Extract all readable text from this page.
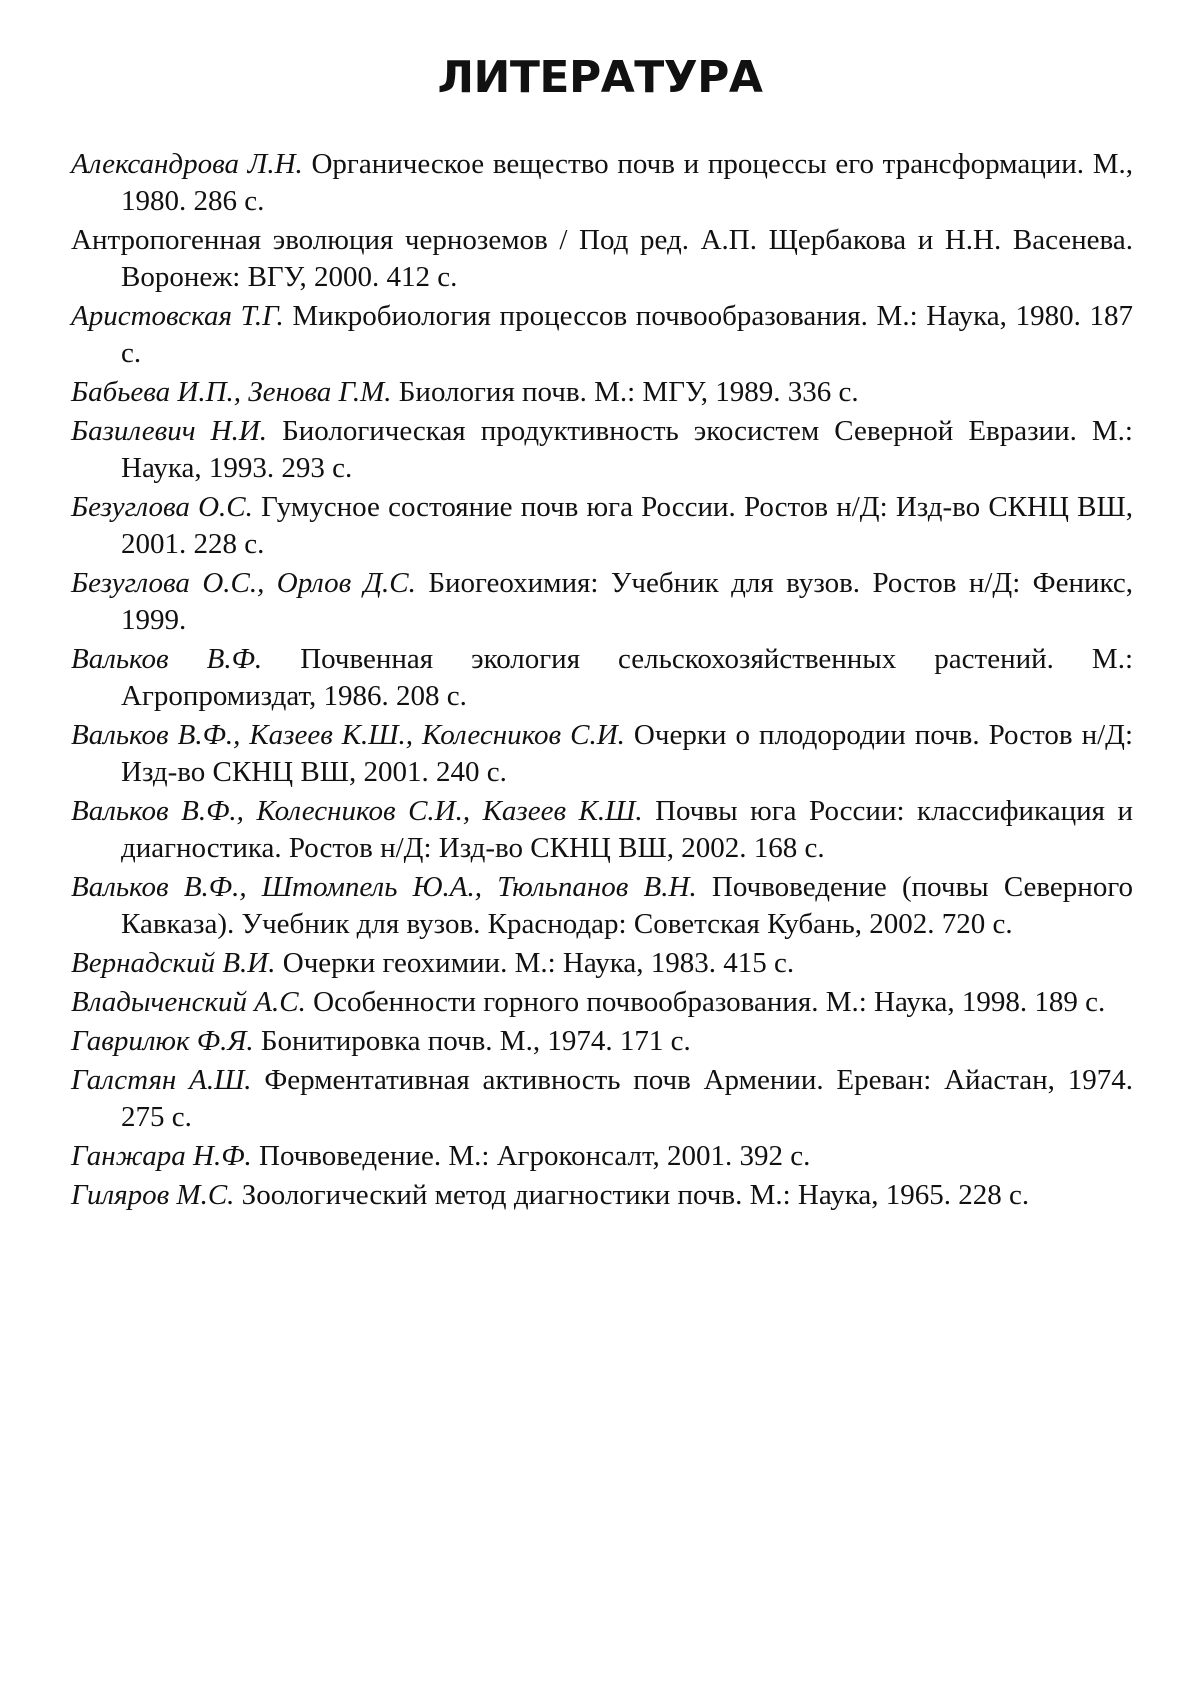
ЛИТЕРАТУРА
Александрова Л.Н. Органическое вещество почв и процессы его трансформации. М., 1980. 286 с.
Антропогенная эволюция черноземов / Под ред. А.П. Щербакова и Н.Н. Васенева. Воронеж: ВГУ, 2000. 412 с.
Аристовская Т.Г. Микробиология процессов почвообразования. М.: Наука, 1980. 187 с.
Бабьева И.П., Зенова Г.М. Биология почв. М.: МГУ, 1989. 336 с.
Базилевич Н.И. Биологическая продуктивность экосистем Северной Евразии. М.: Наука, 1993. 293 с.
Безуглова О.С. Гумусное состояние почв юга России. Ростов н/Д: Изд-во СКНЦ ВШ, 2001. 228 с.
Безуглова О.С., Орлов Д.С. Биогеохимия: Учебник для вузов. Ростов н/Д: Феникс, 1999.
Вальков В.Ф. Почвенная экология сельскохозяйственных растений. М.: Агропромиздат, 1986. 208 с.
Вальков В.Ф., Казеев К.Ш., Колесников С.И. Очерки о плодородии почв. Ростов н/Д: Изд-во СКНЦ ВШ, 2001. 240 с.
Вальков В.Ф., Колесников С.И., Казеев К.Ш. Почвы юга России: классификация и диагностика. Ростов н/Д: Изд-во СКНЦ ВШ, 2002. 168 с.
Вальков В.Ф., Штомпель Ю.А., Тюльпанов В.Н. Почвоведение (почвы Северного Кавказа). Учебник для вузов. Краснодар: Советская Кубань, 2002. 720 с.
Вернадский В.И. Очерки геохимии. М.: Наука, 1983. 415 с.
Владыченский А.С. Особенности горного почвообразования. М.: Наука, 1998. 189 с.
Гаврилюк Ф.Я. Бонитировка почв. М., 1974. 171 с.
Галстян А.Ш. Ферментативная активность почв Армении. Ереван: Айастан, 1974. 275 с.
Ганжара Н.Ф. Почвоведение. М.: Агроконсалт, 2001. 392 с.
Гиляров М.С. Зоологический метод диагностики почв. М.: Наука, 1965. 228 с.
